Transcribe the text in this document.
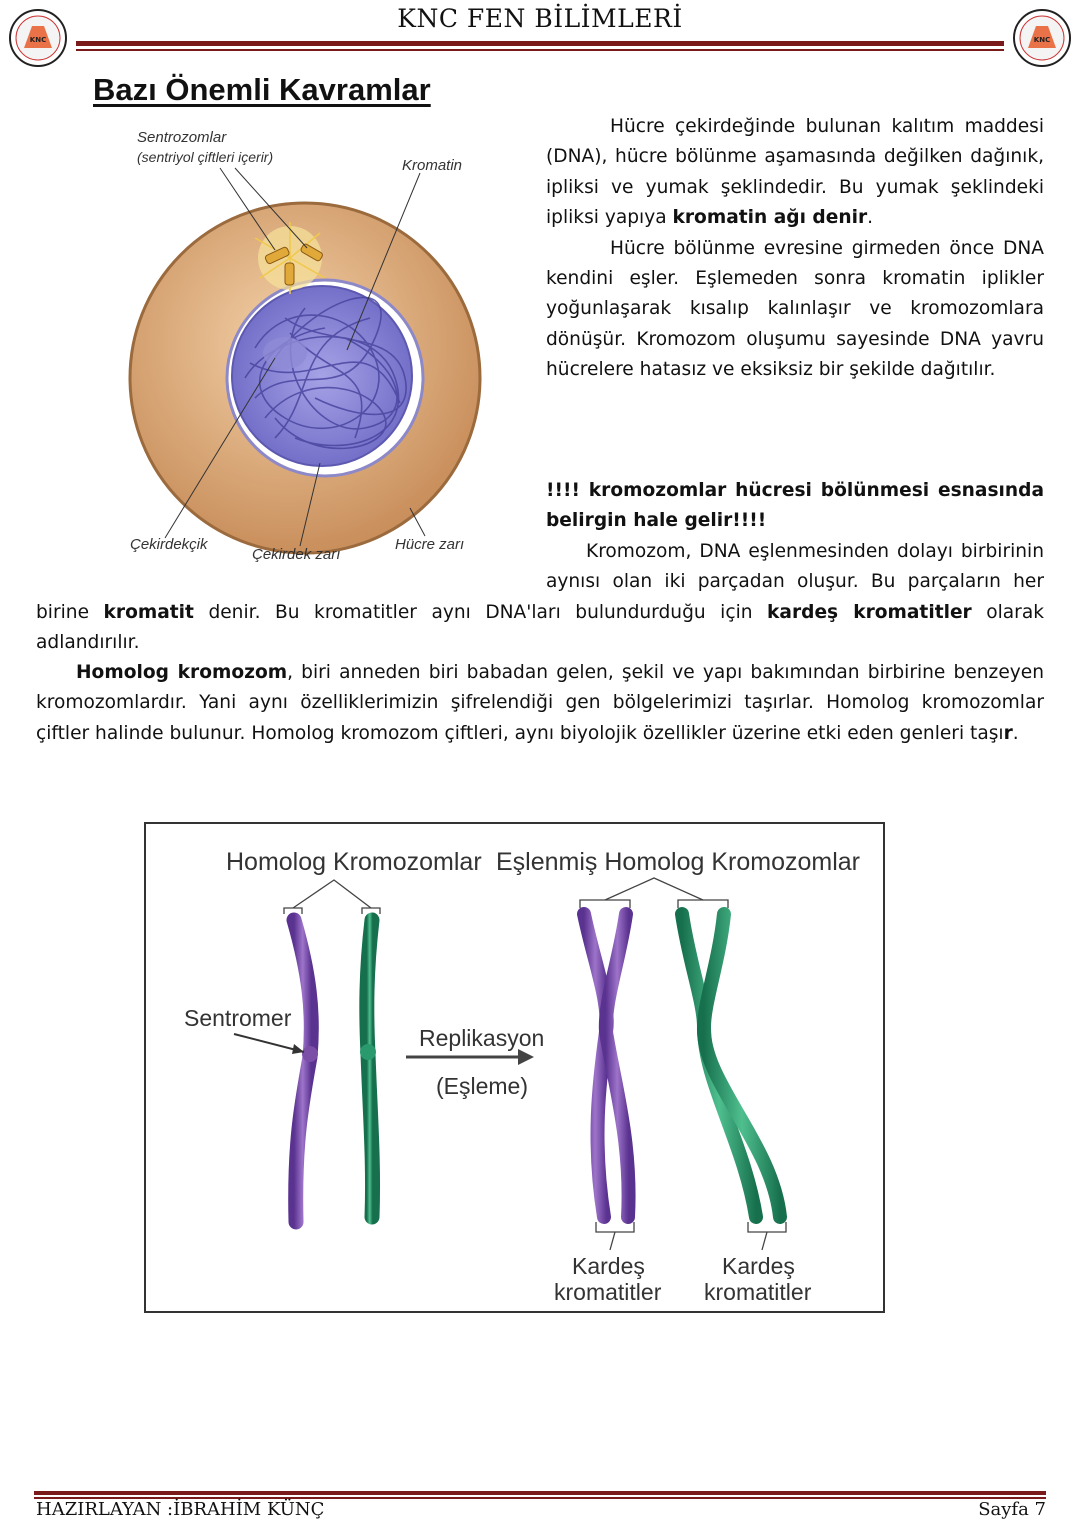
KNC	KNC
KNC FEN BİLİMLERİ
Bazı Önemli Kavramlar
Sentrozomlar
(sentriyol çiftleri içerir)	Kromatin
Çekirdekçik
Çekirdek zarı
Hücre zarı
Hücre çekirdeğinde bulunan kalıtım maddesi (DNA), hücre bölünme aşamasında değilken dağınık, ipliksi ve yumak şeklindedir. Bu yumak şeklindeki ipliksi yapıya kromatin ağı denir.
Hücre bölünme evresine girmeden önce DNA kendini eşler. Eşlemeden sonra kromatin iplikler yoğunlaşarak kısalıp kalınlaşır ve kromozomlara dönüşür. Kromozom oluşumu sayesinde DNA yavru hücrelere hatasız ve eksiksiz bir şekilde dağıtılır.
!!!! kromozomlar hücresi bölünmesi esnasında belirgin hale gelir!!!!
Kromozom, DNA eşlenmesinden dolayı birbirinin aynısı olan iki parçadan oluşur. Bu parçaların her birine kromatit denir. Bu kromatitler aynı DNA'ları bulundurduğu için kardeş kromatitler olarak adlandırılır.
Homolog kromozom, biri anneden biri babadan gelen, şekil ve yapı bakımından birbirine benzeyen kromozomlardır. Yani aynı özelliklerimizin şifrelendiği gen bölgelerimizi taşırlar. Homolog kromozomlar çiftler halinde bulunur. Homolog kromozom çiftleri, aynı biyolojik özellikler üzerine etki eden genleri taşır.
Homolog Kromozomlar Eşlenmiş Homolog Kromozomlar
Sentromer
Replikasyon
(Eşleme)
Kardeş
kromatitler
Kardeş
kromatitler
HAZIRLAYAN :İBRAHİM KÜNÇ	Sayfa 7
